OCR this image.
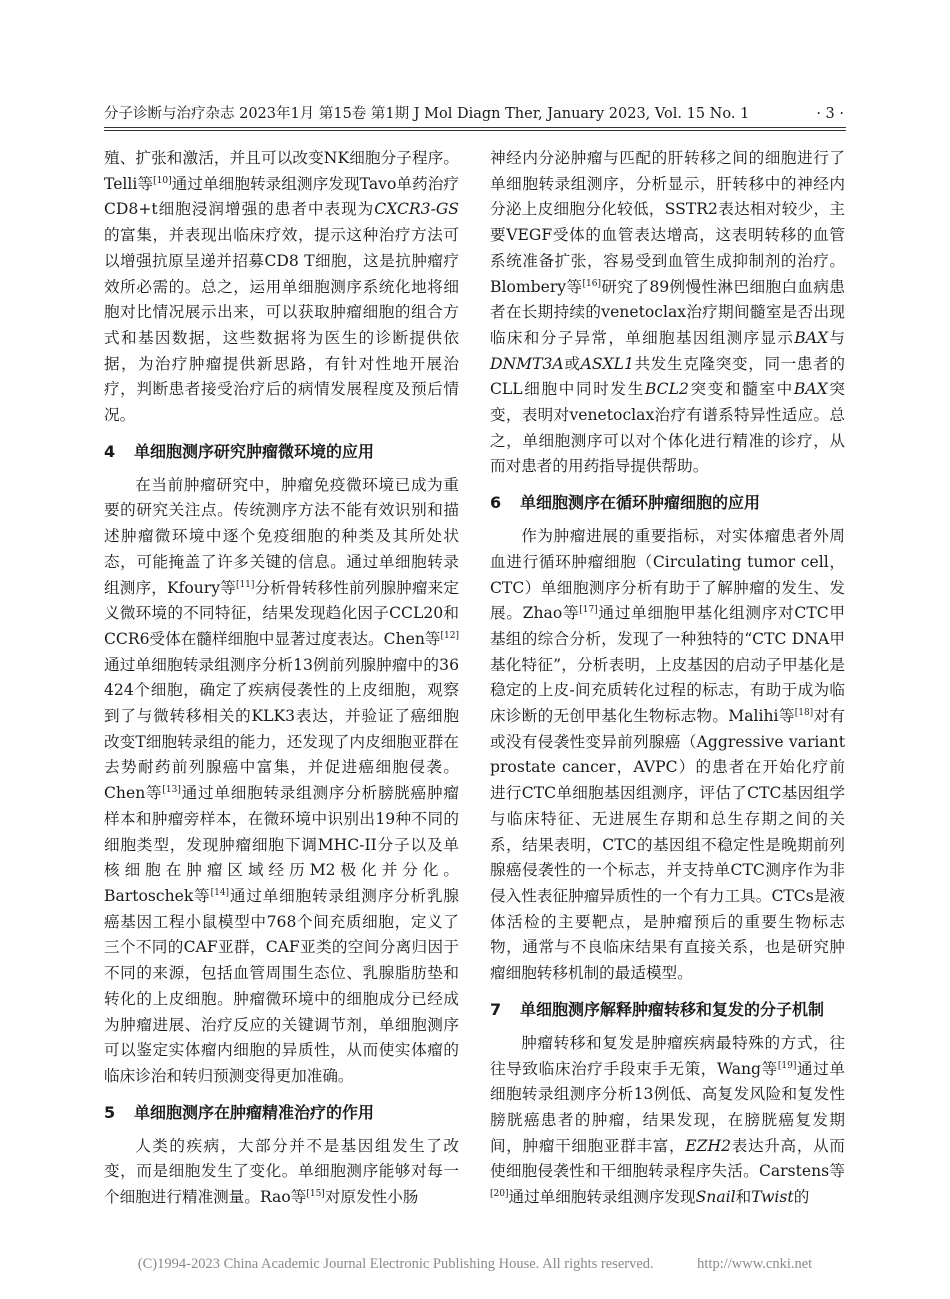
分子诊断与治疗杂志 2023年1月 第15卷 第1期 J Mol Diagn Ther, January 2023, Vol. 15 No. 1	· 3 ·

殖、扩张和激活，并且可以改变NK细胞分子程序。Telli等[10]通过单细胞转录组测序发现Tavo单药治疗CD8+t细胞浸润增强的患者中表现为CXCR3-GS的富集，并表现出临床疗效，提示这种治疗方法可以增强抗原呈递并招募CD8 T细胞，这是抗肿瘤疗效所必需的。总之，运用单细胞测序系统化地将细胞对比情况展示出来，可以获取肿瘤细胞的组合方式和基因数据，这些数据将为医生的诊断提供依据，为治疗肿瘤提供新思路，有针对性地开展治疗，判断患者接受治疗后的病情发展程度及预后情况。

4 单细胞测序研究肿瘤微环境的应用

在当前肿瘤研究中，肿瘤免疫微环境已成为重要的研究关注点。传统测序方法不能有效识别和描述肿瘤微环境中逐个免疫细胞的种类及其所处状态，可能掩盖了许多关键的信息。通过单细胞转录组测序，Kfoury等[11]分析骨转移性前列腺肿瘤来定义微环境的不同特征，结果发现趋化因子CCL20和CCR6受体在髓样细胞中显著过度表达。Chen等[12]通过单细胞转录组测序分析13例前列腺肿瘤中的36 424个细胞，确定了疾病侵袭性的上皮细胞，观察到了与微转移相关的KLK3表达，并验证了癌细胞改变T细胞转录组的能力，还发现了内皮细胞亚群在去势耐药前列腺癌中富集，并促进癌细胞侵袭。Chen等[13]通过单细胞转录组测序分析膀胱癌肿瘤样本和肿瘤旁样本，在微环境中识别出19种不同的细胞类型，发现肿瘤细胞下调MHC-II分子以及单核细胞在肿瘤区域经历M2极化并分化。Bartoschek等[14]通过单细胞转录组测序分析乳腺癌基因工程小鼠模型中768个间充质细胞，定义了三个不同的CAF亚群，CAF亚类的空间分离归因于不同的来源，包括血管周围生态位、乳腺脂肪垫和转化的上皮细胞。肿瘤微环境中的细胞成分已经成为肿瘤进展、治疗反应的关键调节剂，单细胞测序可以鉴定实体瘤内细胞的异质性，从而使实体瘤的临床诊治和转归预测变得更加准确。

5 单细胞测序在肿瘤精准治疗的作用

人类的疾病，大部分并不是基因组发生了改变，而是细胞发生了变化。单细胞测序能够对每一个细胞进行精准测量。Rao等[15]对原发性小肠

神经内分泌肿瘤与匹配的肝转移之间的细胞进行了单细胞转录组测序，分析显示，肝转移中的神经内分泌上皮细胞分化较低，SSTR2表达相对较少，主要VEGF受体的血管表达增高，这表明转移的血管系统准备扩张，容易受到血管生成抑制剂的治疗。Blombery等[16]研究了89例慢性淋巴细胞白血病患者在长期持续的venetoclax治疗期间髓室是否出现临床和分子异常，单细胞基因组测序显示BAX与DNMT3A或ASXL1共发生克隆突变，同一患者的CLL细胞中同时发生BCL2突变和髓室中BAX突变，表明对venetoclax治疗有谱系特异性适应。总之，单细胞测序可以对个体化进行精准的诊疗，从而对患者的用药指导提供帮助。

6 单细胞测序在循环肿瘤细胞的应用

作为肿瘤进展的重要指标，对实体瘤患者外周血进行循环肿瘤细胞（Circulating tumor cell，CTC）单细胞测序分析有助于了解肿瘤的发生、发展。Zhao等[17]通过单细胞甲基化组测序对CTC甲基组的综合分析，发现了一种独特的“CTC DNA甲基化特征”，分析表明，上皮基因的启动子甲基化是稳定的上皮-间充质转化过程的标志，有助于成为临床诊断的无创甲基化生物标志物。Malihi等[18]对有或没有侵袭性变异前列腺癌（Aggressive variant prostate cancer，AVPC）的患者在开始化疗前进行CTC单细胞基因组测序，评估了CTC基因组学与临床特征、无进展生存期和总生存期之间的关系，结果表明，CTC的基因组不稳定性是晚期前列腺癌侵袭性的一个标志，并支持单CTC测序作为非侵入性表征肿瘤异质性的一个有力工具。CTCs是液体活检的主要靶点，是肿瘤预后的重要生物标志物，通常与不良临床结果有直接关系，也是研究肿瘤细胞转移机制的最适模型。

7 单细胞测序解释肿瘤转移和复发的分子机制

肿瘤转移和复发是肿瘤疾病最特殊的方式，往往导致临床治疗手段束手无策，Wang等[19]通过单细胞转录组测序分析13例低、高复发风险和复发性膀胱癌患者的肿瘤，结果发现，在膀胱癌复发期间，肿瘤干细胞亚群丰富，EZH2表达升高，从而使细胞侵袭性和干细胞转录程序失活。Carstens等[20]通过单细胞转录组测序发现Snail和Twist的

(C)1994-2023 China Academic Journal Electronic Publishing House. All rights reserved.	http://www.cnki.net
